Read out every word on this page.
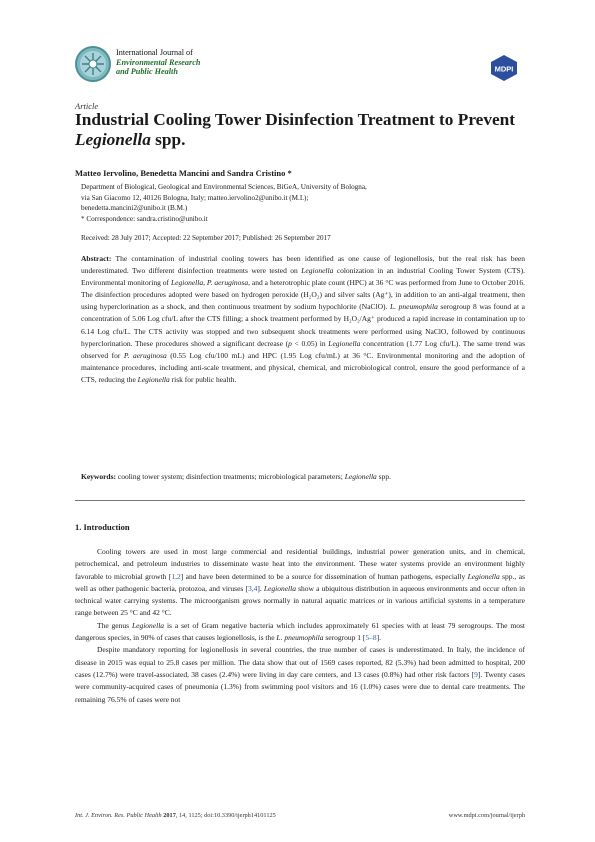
International Journal of
Environmental Research
and Public Health	MDPI
Article
Industrial Cooling Tower Disinfection Treatment to Prevent Legionella spp.
Matteo Iervolino, Benedetta Mancini and Sandra Cristino *
Department of Biological, Geological and Environmental Sciences, BiGeA, University of Bologna,
via San Giacomo 12, 40126 Bologna, Italy; matteo.iervolino2@unibo.it (M.I.);
benedetta.mancini2@unibo.it (B.M.)
* Correspondence: sandra.cristino@unibo.it
Received: 28 July 2017; Accepted: 22 September 2017; Published: 26 September 2017
Abstract: The contamination of industrial cooling towers has been identified as one cause of legionellosis, but the real risk has been underestimated. Two different disinfection treatments were tested on Legionella colonization in an industrial Cooling Tower System (CTS). Environmental monitoring of Legionella, P. aeruginosa, and a heterotrophic plate count (HPC) at 36 °C was performed from June to October 2016. The disinfection procedures adopted were based on hydrogen peroxide (H₂O₂) and silver salts (Ag⁺), in addition to an anti-algal treatment, then using hyperclorination as a shock, and then continuous treatment by sodium hypochlorite (NaClO). L. pneumophila serogroup 8 was found at a concentration of 5.06 Log cfu/L after the CTS filling; a shock treatment performed by H₂O₂/Ag⁺ produced a rapid increase in contamination up to 6.14 Log cfu/L. The CTS activity was stopped and two subsequent shock treatments were performed using NaClO, followed by continuous hyperclorination. These procedures showed a significant decrease (p < 0.05) in Legionella concentration (1.77 Log cfu/L). The same trend was observed for P. aeruginosa (0.55 Log cfu/100 mL) and HPC (1.95 Log cfu/mL) at 36 °C. Environmental monitoring and the adoption of maintenance procedures, including anti-scale treatment, and physical, chemical, and microbiological control, ensure the good performance of a CTS, reducing the Legionella risk for public health.
Keywords: cooling tower system; disinfection treatments; microbiological parameters; Legionella spp.
1. Introduction

Cooling towers are used in most large commercial and residential buildings, industrial power generation units, and in chemical, petrochemical, and petroleum industries to disseminate waste heat into the environment. These water systems provide an environment highly favorable to microbial growth [1,2] and have been determined to be a source for dissemination of human pathogens, especially Legionella spp., as well as other pathogenic bacteria, protozoa, and viruses [3,4]. Legionella show a ubiquitous distribution in aqueous environments and occur often in technical water carrying systems. The microorganism grows normally in natural aquatic matrices or in various artificial systems in a temperature range between 25 °C and 42 °C.

The genus Legionella is a set of Gram negative bacteria which includes approximately 61 species with at least 79 serogroups. The most dangerous species, in 90% of cases that causes legionellosis, is the L. pneumophila serogroup 1 [5–8].

Despite mandatory reporting for legionellosis in several countries, the true number of cases is underestimated. In Italy, the incidence of disease in 2015 was equal to 25.8 cases per million. The data show that out of 1569 cases reported, 82 (5.3%) had been admitted to hospital, 200 cases (12.7%) were travel-associated, 38 cases (2.4%) were living in day care centers, and 13 cases (0.8%) had other risk factors [9]. Twenty cases were community-acquired cases of pneumonia (1.3%) from swimming pool visitors and 16 (1.0%) cases were due to dental care treatments. The remaining 76.5% of cases were not

Int. J. Environ. Res. Public Health 2017, 14, 1125; doi:10.3390/ijerph14101125	www.mdpi.com/journal/ijerph
